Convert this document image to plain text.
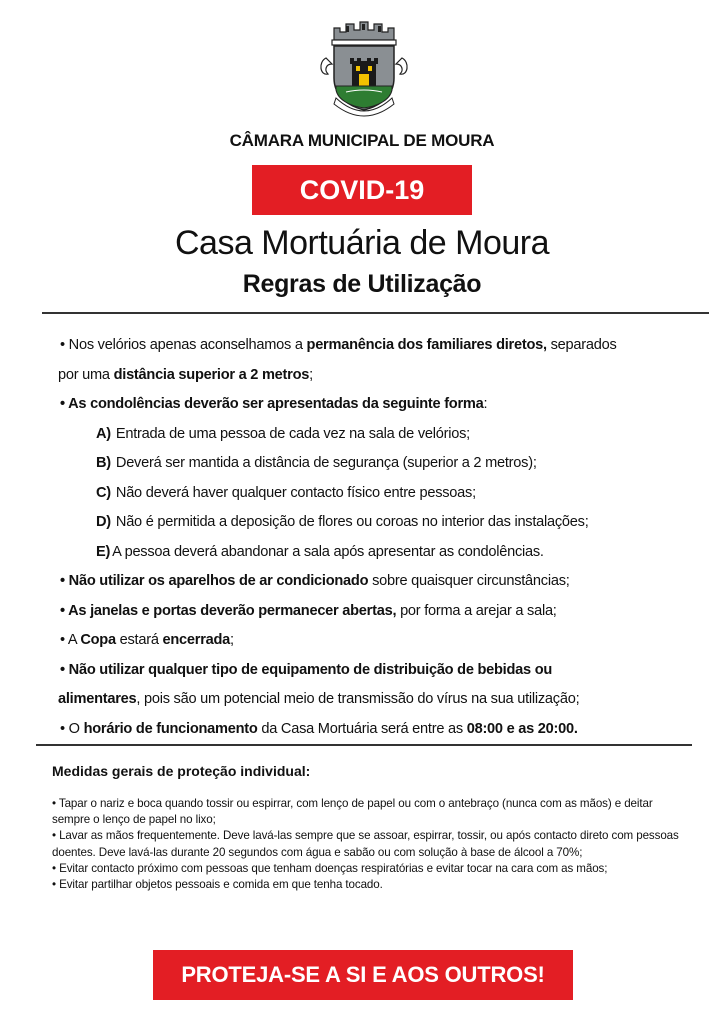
CÂMARA MUNICIPAL DE MOURA
COVID-19
Casa Mortuária de Moura
Regras de Utilização
• Nos velórios apenas aconselhamos a permanência dos familiares diretos, separados
por uma distância superior a 2 metros;
• As condolências deverão ser apresentadas da seguinte forma:
A) Entrada de uma pessoa de cada vez na sala de velórios;
B) Deverá ser mantida a distância de segurança (superior a 2 metros);
C) Não deverá haver qualquer contacto físico entre pessoas;
D) Não é permitida a deposição de flores ou coroas no interior das instalações;
E) A pessoa deverá abandonar a sala após apresentar as condolências.
• Não utilizar os aparelhos de ar condicionado sobre quaisquer circunstâncias;
• As janelas e portas deverão permanecer abertas, por forma a arejar a sala;
• A Copa estará encerrada;
• Não utilizar qualquer tipo de equipamento de distribuição de bebidas ou
alimentares, pois são um potencial meio de transmissão do vírus na sua utilização;
• O horário de funcionamento da Casa Mortuária será entre as 08:00 e as 20:00.
Medidas gerais de proteção individual:

• Tapar o nariz e boca quando tossir ou espirrar, com lenço de papel ou com o antebraço (nunca com as mãos) e deitar sempre o lenço de papel no lixo;

• Lavar as mãos frequentemente. Deve lavá-las sempre que se assoar, espirrar, tossir, ou após contacto direto com pessoas doentes. Deve lavá-las durante 20 segundos com água e sabão ou com solução à base de álcool a 70%;

• Evitar contacto próximo com pessoas que tenham doenças respiratórias e evitar tocar na cara com as mãos;

• Evitar partilhar objetos pessoais e comida em que tenha tocado.

PROTEJA-SE A SI E AOS OUTROS!
